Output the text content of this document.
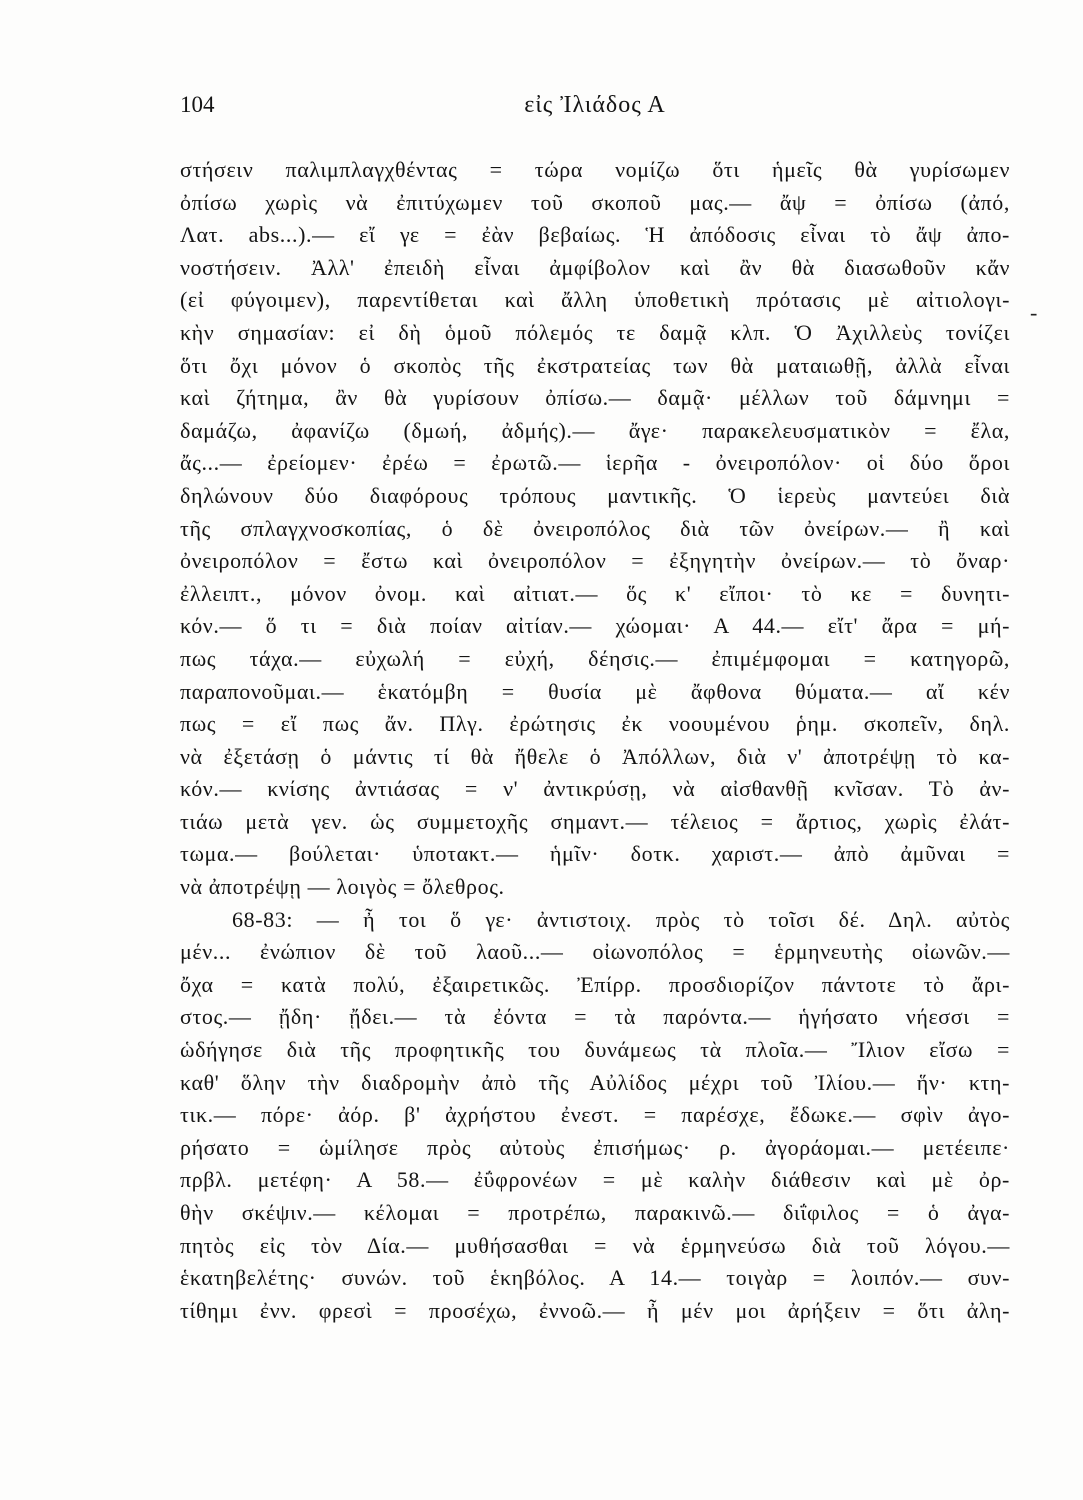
104	εἰς Ἰλιάδος Α
-
στήσειν παλιμπλαγχθέντας = τώρα νομίζω ὅτι ἡμεῖς θὰ γυρίσωμεν
ὀπίσω χωρὶς νὰ ἐπιτύχωμεν τοῦ σκοποῦ μας.— ἄψ = ὀπίσω (ἀπό,
Λατ. abs...).— εἴ γε = ἐὰν βεβαίως. Ἡ ἀπόδοσις εἶναι τὸ ἄψ ἀπο-
νοστήσειν. Ἀλλ' ἐπειδὴ εἶναι ἀμφίβολον καὶ ἂν θὰ διασωθοῦν κἄν
(εἰ φύγοιμεν), παρεντίθεται καὶ ἄλλη ὑποθετικὴ πρότασις μὲ αἰτιολογι-
κὴν σημασίαν: εἰ δὴ ὁμοῦ πόλεμός τε δαμᾷ κλπ. Ὁ Ἀχιλλεὺς τονίζει
ὅτι ὄχι μόνον ὁ σκοπὸς τῆς ἐκστρατείας των θὰ ματαιωθῇ, ἀλλὰ εἶναι
καὶ ζήτημα, ἂν θὰ γυρίσουν ὀπίσω.— δαμᾷ· μέλλων τοῦ δάμνημι =
δαμάζω, ἀφανίζω (δμωή, ἀδμής).— ἄγε· παρακελευσματικὸν = ἔλα,
ἄς...— ἐρείομεν· ἐρέω = ἐρωτῶ.— ἱερῆα - ὀνειροπόλον· οἱ δύο ὅροι
δηλώνουν δύο διαφόρους τρόπους μαντικῆς. Ὁ ἱερεὺς μαντεύει διὰ
τῆς σπλαγχνοσκοπίας, ὁ δὲ ὀνειροπόλος διὰ τῶν ὀνείρων.— ἢ καὶ
ὀνειροπόλον = ἔστω καὶ ὀνειροπόλον = ἐξηγητὴν ὀνείρων.— τὸ ὄναρ·
ἐλλειπτ., μόνον ὀνομ. καὶ αἰτιατ.— ὅς κ' εἴποι· τὸ κε = δυνητι-
κόν.— ὅ τι = διὰ ποίαν αἰτίαν.— χώομαι· Α 44.— εἴτ' ἄρα = μή-
πως τάχα.— εὐχωλή = εὐχή, δέησις.— ἐπιμέμφομαι = κατηγορῶ,
παραπονοῦμαι.— ἑκατόμβη = θυσία μὲ ἄφθονα θύματα.— αἴ κέν
πως = εἴ πως ἄν. Πλγ. ἐρώτησις ἐκ νοουμένου ῥημ. σκοπεῖν, δηλ.
νὰ ἐξετάσῃ ὁ μάντις τί θὰ ἤθελε ὁ Ἀπόλλων, διὰ ν' ἀποτρέψῃ τὸ κα-
κόν.— κνίσης ἀντιάσας = ν' ἀντικρύσῃ, νὰ αἰσθανθῇ κνῖσαν. Τὸ ἀν-
τιάω μετὰ γεν. ὡς συμμετοχῆς σημαντ.— τέλειος = ἄρτιος, χωρὶς ἐλάτ-
τωμα.— βούλεται· ὑποτακτ.— ἡμῖν· δοτκ. χαριστ.— ἀπὸ ἀμῦναι =
νὰ ἀποτρέψῃ — λοιγὸς = ὄλεθρος.
68-83: — ἦ τοι ὅ γε· ἀντιστοιχ. πρὸς τὸ τοῖσι δέ. Δηλ. αὐτὸς
μέν... ἐνώπιον δὲ τοῦ λαοῦ...— οἰωνοπόλος = ἑρμηνευτὴς οἰωνῶν.—
ὄχα = κατὰ πολύ, ἐξαιρετικῶς. Ἐπίρρ. προσδιορίζον πάντοτε τὸ ἄρι-
στος.— ᾔδη· ᾔδει.— τὰ ἐόντα = τὰ παρόντα.— ἡγήσατο νήεσσι =
ὡδήγησε διὰ τῆς προφητικῆς του δυνάμεως τὰ πλοῖα.— Ἴλιον εἴσω =
καθ' ὅλην τὴν διαδρομὴν ἀπὸ τῆς Αὐλίδος μέχρι τοῦ Ἰλίου.— ἥν· κτη-
τικ.— πόρε· ἀόρ. β' ἀχρήστου ἐνεστ. = παρέσχε, ἔδωκε.— σφὶν ἀγο-
ρήσατο = ὡμίλησε πρὸς αὐτοὺς ἐπισήμως· ρ. ἀγοράομαι.— μετέειπε·
πρβλ. μετέφη· Α 58.— ἐΰφρονέων = μὲ καλὴν διάθεσιν καὶ μὲ ὀρ-
θὴν σκέψιν.— κέλομαι = προτρέπω, παρακινῶ.— διΐφιλος = ὁ ἀγα-
πητὸς εἰς τὸν Δία.— μυθήσασθαι = νὰ ἑρμηνεύσω διὰ τοῦ λόγου.—
ἑκατηβελέτης· συνών. τοῦ ἑκηβόλος. Α 14.— τοιγὰρ = λοιπόν.— συν-
τίθημι ἐνν. φρεσὶ = προσέχω, ἐννοῶ.— ἦ μέν μοι ἀρήξειν = ὅτι ἀλη-
